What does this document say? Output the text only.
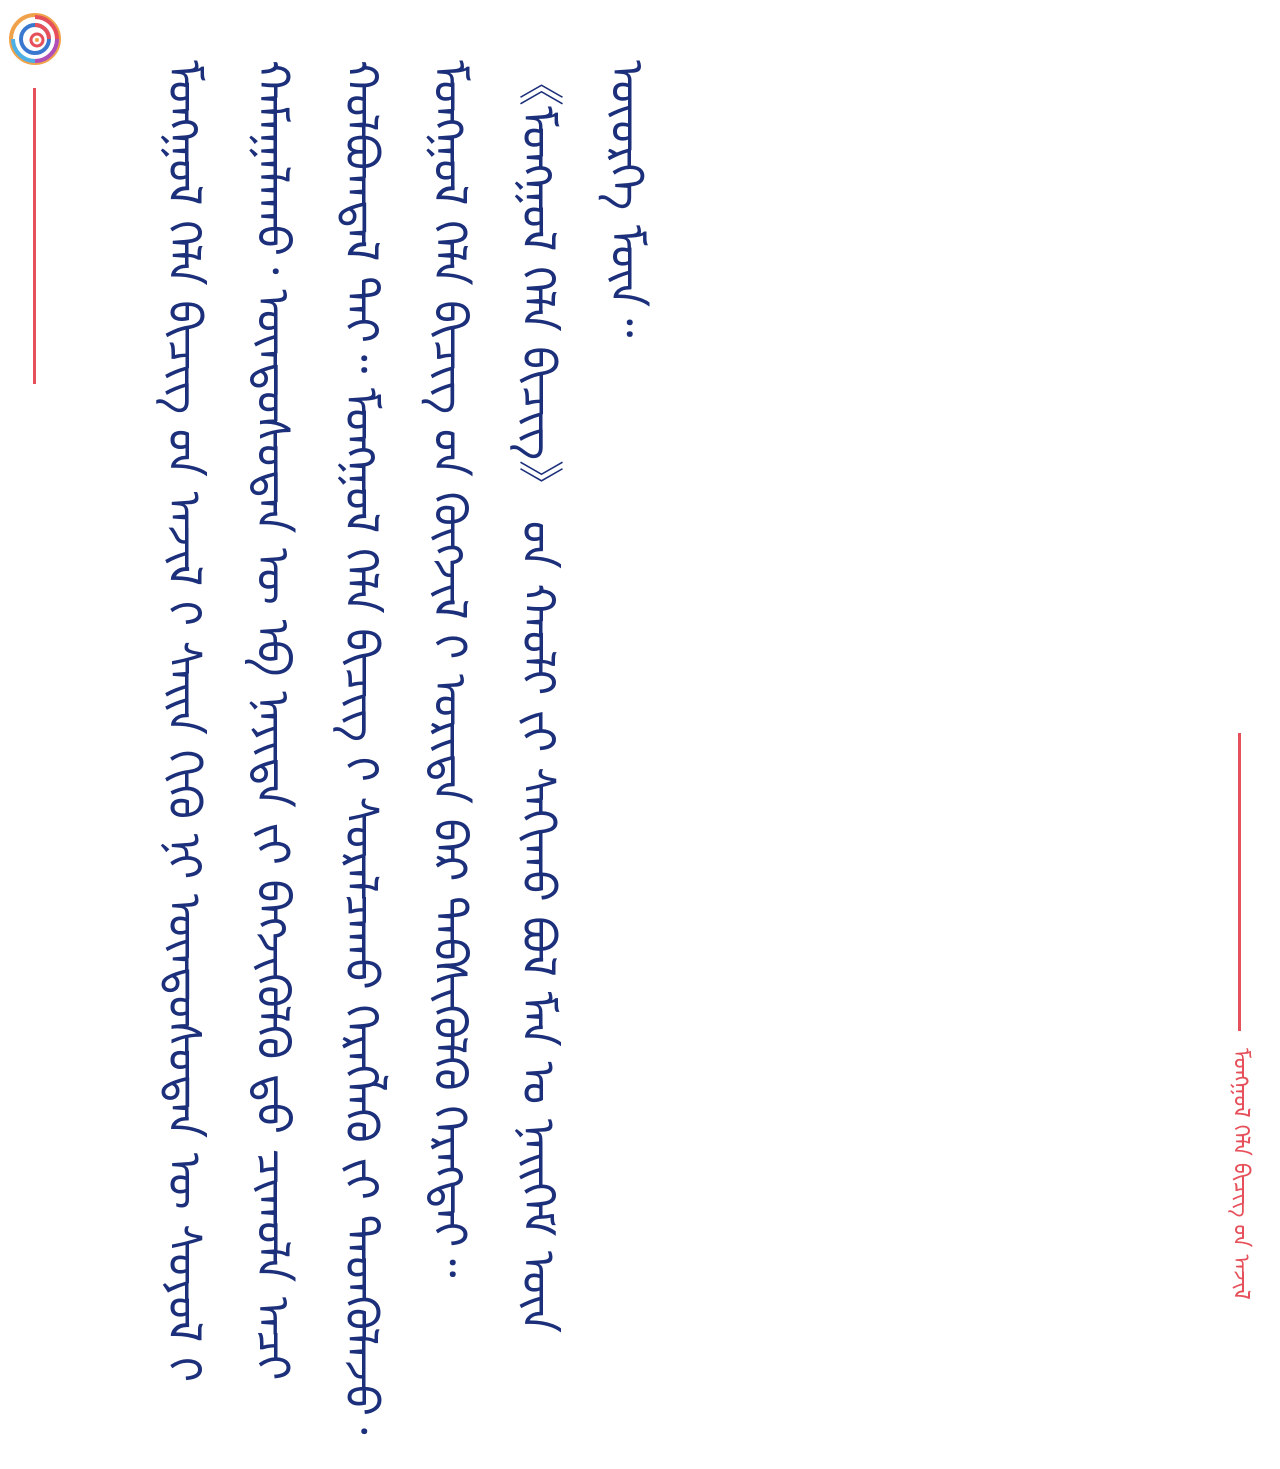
ᠮᠣᠩᠭᠤᠯ ᠬᠡᠯᠡ ᠪᠢᠴᠢᠭ ᠤ᠋ᠨ ᠠᠵᠢᠯ

ᠮᠣᠩᠭᠤᠯ ᠬᠡᠯᠡ ᠪᠢᠴᠢᠭ᠌ ᠤ᠋ᠨ ᠠᠵᠢᠯ ᠢ᠋ ᠰᠠᠢᠨ ᠬᠢᠬᠦ ᠨᠢ ᠦᠨᠳᠦᠰᠦᠲᠡᠨ ᠦ ᠰᠣᠶᠣᠯ ᠢ᠋ ᠬᠠᠮᠠᠭᠠᠯᠠᠬᠤ᠂ ᠦᠨᠳᠦᠰᠦᠲᠡᠨ ᠦ ᠡᠪ ᠨᠡᠶᠢᠲᠡ ᠶ᠋ᠢ ᠪᠡᠬᠵᠢᠭᠦᠯᠬᠦ ᠳ᠋ᠦ ᠴᠢᠬᠤᠯᠠ ᠠᠴᠢ ᠬᠣᠯᠪᠣᠭᠳᠠᠯ ᠲᠠᠢ᠃ ᠮᠣᠩᠭᠤᠯ ᠬᠡᠯᠡ ᠪᠢᠴᠢᠭ᠌ ᠢ᠋ ᠰᠤᠷᠠᠯᠴᠠᠬᠤ ᠬᠡᠷᠡᠭᠯᠡᠬᠦ ᠶ᠋ᠢ ᠲᠡᠳᠭᠦᠯᠡᠵᠦ᠂ ᠮᠣᠩᠭᠤᠯ ᠬᠡᠯᠡ ᠪᠢᠴᠢᠭ᠌ ᠤ᠋ᠨ ᠬᠥᠭᠵᠢᠯ ᠢ᠋ ᠤᠷᠢᠳᠠ ᠪᠠᠷ ᠳᠡᠪᠰᠢᠭᠦᠯᠬᠦ ᠬᠡᠷᠡᠭᠲᠡᠢ᠃ 《ᠮᠣᠩᠭᠤᠯ ᠬᠡᠯᠡ ᠪᠢᠴᠢᠭ᠌》 ᠤ᠋ᠨ ᠬᠠᠤᠯᠢ ᠶ᠋ᠢ ᠰᠠᠬᠢᠬᠤ ᠪᠣᠯ ᠮᠠᠨ ᠤ ᠨᠡᠢᠭᠡᠮ ᠦᠨ ᠦᠦᠷᠭᠡ ᠮᠥᠨ᠃
